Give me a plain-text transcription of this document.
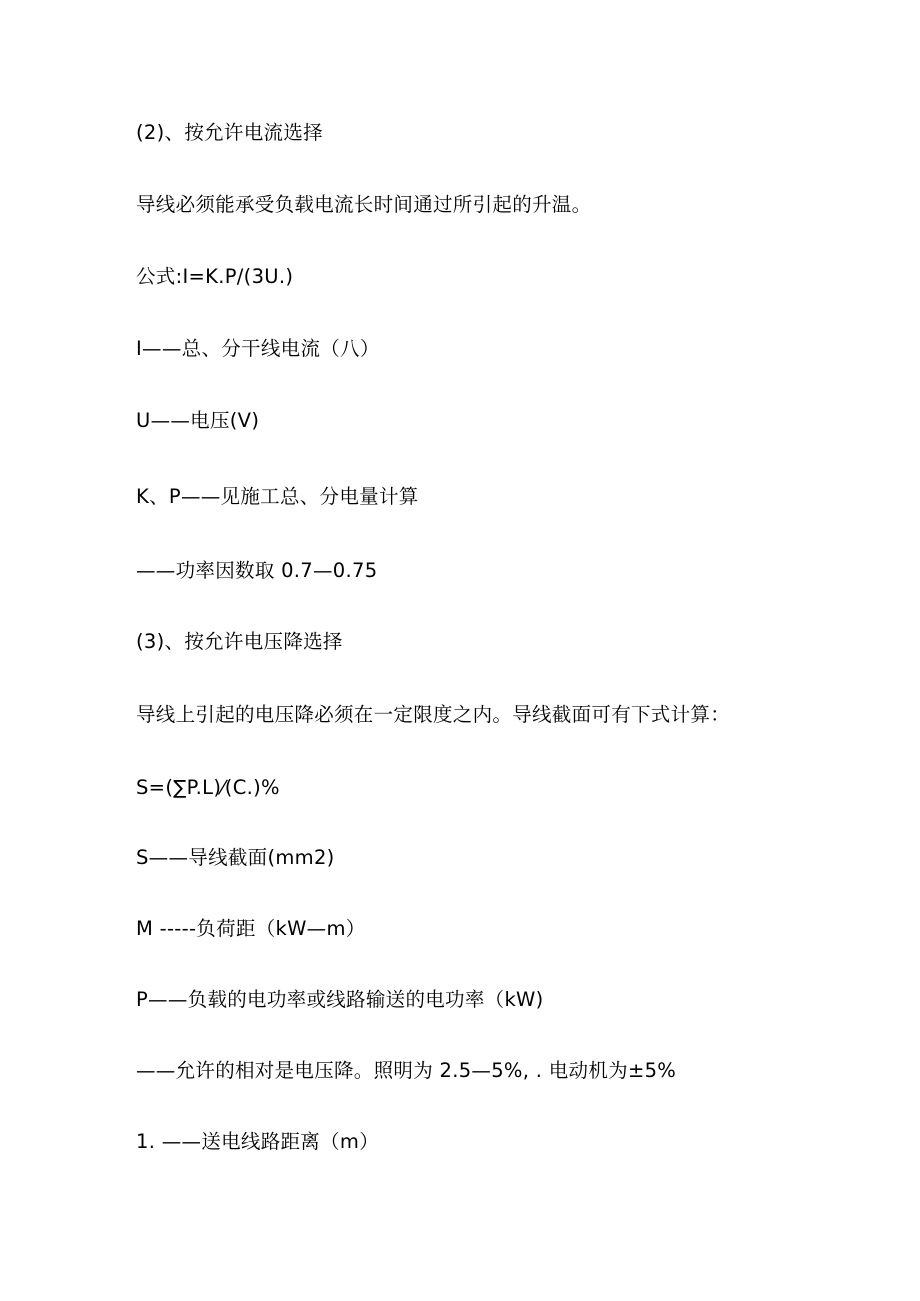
(2)、按允许电流选择
导线必须能承受负载电流长时间通过所引起的升温。
公式:I=K.P/(3U.)
I——总、分干线电流（八）
U——电压(V)
K、P——见施工总、分电量计算
——功率因数取 0.7—0.75
(3)、按允许电压降选择
导线上引起的电压降必须在一定限度之内。导线截面可有下式计算：
S=(∑P.L)⁄(C.)%
S——导线截面(mm2)
M -----负荷距（kW—m）
P——负载的电功率或线路输送的电功率（kW)
——允许的相对是电压降。照明为 2.5—5%, . 电动机为±5%
1. ——送电线路距离（m）
